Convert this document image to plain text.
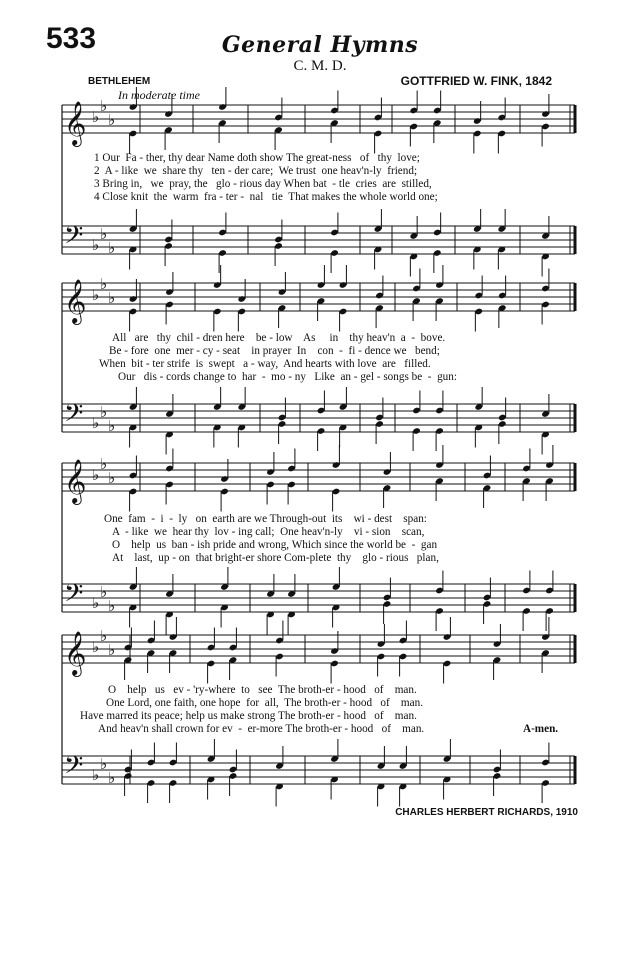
533	General Hymns
C. M. D.
BETHLEHEM	GOTTFRIED W. FINK, 1842
In moderate time
𝄞 ♭
♭
♭
𝄢 ♭
♭
♭
𝄞 ♭
♭
♭
𝄢 ♭
♭
♭
𝄞 ♭
♭
♭
𝄢 ♭
♭
♭
𝄞 ♭
♭
♭
𝄢 ♭
♭
♭
1 Our  Fa - ther, thy dear Name doth show The great-ness   of   thy  love;
2  A - like  we  share thy   ten - der care;  We trust  one heav'n-ly  friend;
3 Bring in,   we  pray, the   glo - rious day When bat  - tle  cries  are  stilled,
4 Close knit  the  warm  fra - ter -  nal   tie  That makes the whole world one;
All   are   thy  chil - dren here    be - low    As     in    thy heav'n  a  -  bove.
Be - fore  one  mer - cy - seat    in prayer  In    con  -  fi - dence we   bend;
When  bit - ter strife  is  swept   a - way,  And hearts with love  are   filled.
Our   dis - cords change to  har  -  mo - ny   Like  an - gel - songs be  -  gun:
One  fam  -  i  -  ly   on  earth are we Through-out  its    wi - dest    span:
A  - like  we  hear thy  lov - ing call;  One heav'n-ly    vi - sion    scan,
O    help  us  ban - ish pride and wrong, Which since the world be  -  gan
At    last,  up - on  that bright-er shore Com-plete  thy    glo - rious   plan,
O    help   us   ev - 'ry-where  to   see  The broth-er - hood   of    man.
One Lord, one faith, one hope  for  all,  The broth-er - hood   of    man.
Have marred its peace; help us make strong The broth-er - hood   of    man.
And heav'n shall crown for ev  -  er-more The broth-er - hood   of    man.	A-men.
CHARLES HERBERT RICHARDS, 1910
